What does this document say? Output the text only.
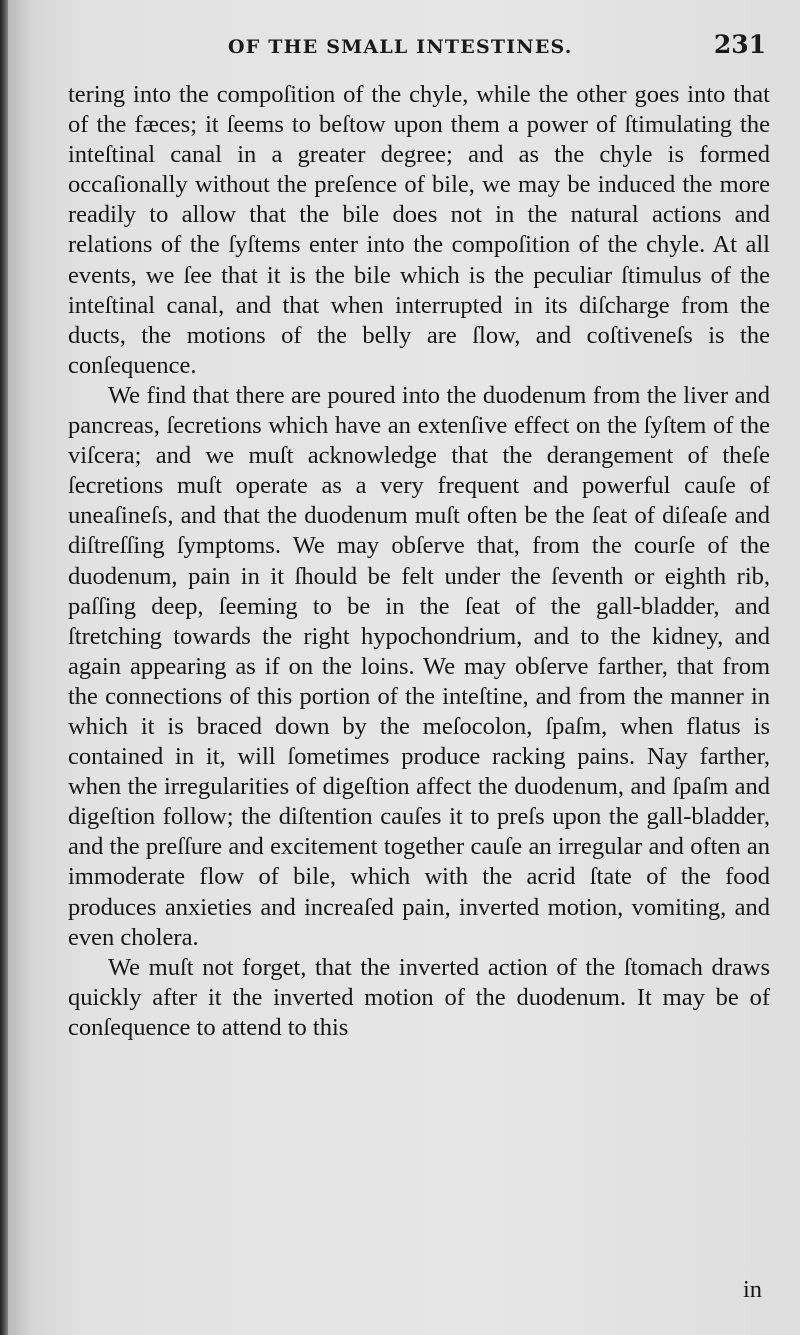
OF THE SMALL INTESTINES.	231

tering into the compoſition of the chyle, while the other goes into that of the fæces; it ſeems to beſtow upon them a power of ſtimulating the inteſtinal canal in a greater degree; and as the chyle is formed occaſionally without the preſence of bile, we may be induced the more readily to allow that the bile does not in the natural actions and relations of the ſyſtems enter into the compoſition of the chyle. At all events, we ſee that it is the bile which is the peculiar ſtimulus of the inteſtinal canal, and that when interrupted in its diſcharge from the ducts, the motions of the belly are ſlow, and coſtiveneſs is the conſequence.

We find that there are poured into the duodenum from the liver and pancreas, ſecretions which have an extenſive effect on the ſyſtem of the viſcera; and we muſt acknowledge that the derangement of theſe ſecretions muſt operate as a very frequent and powerful cauſe of uneaſineſs, and that the duodenum muſt often be the ſeat of diſeaſe and diſtreſſing ſymptoms. We may obſerve that, from the courſe of the duodenum, pain in it ſhould be felt under the ſeventh or eighth rib, paſſing deep, ſeeming to be in the ſeat of the gall-bladder, and ſtretching towards the right hypochondrium, and to the kidney, and again appearing as if on the loins. We may obſerve farther, that from the connections of this portion of the inteſtine, and from the manner in which it is braced down by the meſocolon, ſpaſm, when flatus is contained in it, will ſometimes produce racking pains. Nay farther, when the irregularities of digeſtion affect the duodenum, and ſpaſm and digeſtion follow; the diſtention cauſes it to preſs upon the gall-bladder, and the preſſure and excitement together cauſe an irregular and often an immoderate flow of bile, which with the acrid ſtate of the food produces anxieties and increaſed pain, inverted motion, vomiting, and even cholera.

We muſt not forget, that the inverted action of the ſtomach draws quickly after it the inverted motion of the duodenum. It may be of conſequence to attend to this

in
